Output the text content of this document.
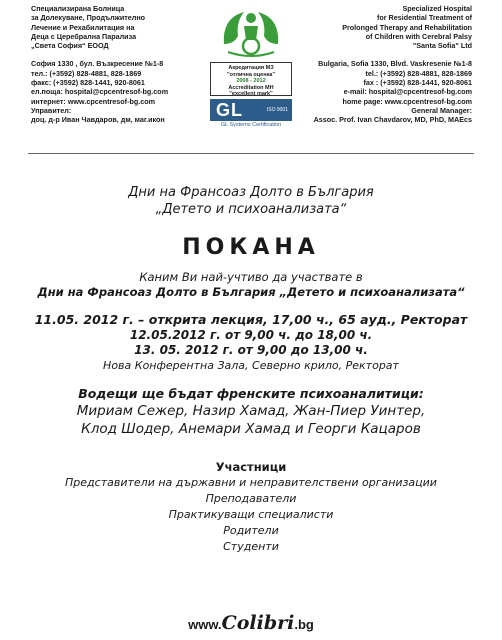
Специализирана Болница
за Долекуване, Продължително
Лечение и Рехабилитация на
Деца с Церебрална Парализа
„Света София“ ЕООД
София 1330 , бул. Възкресение №1-8
тел.: (+3592) 828-4881, 828-1869
факс: (+3592) 828-1441, 920-8061
ел.поща: hospital@cpcentresof-bg.com
интернет: www.cpcentresof-bg.com
Управител:
доц. д-р Иван Чавдаров, дм, маг.икон
Акредитация МЗ
"отлична оценка"
2008 - 2012
Accreditation MH
"excellent mark"
GL	ISO 9001
GL Systems Certification
Specialized Hospital
for Residential Treatment of
Prolonged Therapy and Rehabilitation
of Children with Cerebral Palsy
"Santa Sofia" Ltd
Bulgaria, Sofia 1330, Blvd. Vaskresenie №1-8
tel.: (+3592) 828-4881, 828-1869
fax : (+3592) 828-1441, 920-8061
e-mail: hospital@cpcentresof-bg.com
home page: www.cpcentresof-bg.com
General Manager:
Assoc. Prof. Ivan Chavdarov, MD, PhD, MAEcs
Дни на Франсоаз Долто в България
„Детето и психоанализата“
ПОКАНА
Каним Ви най-учтиво да участвате в
Дни на Франсоаз Долто в България „Детето и психоанализата“
11.05. 2012 г. – открита лекция, 17,00 ч., 65 ауд., Ректорат
12.05.2012 г. от 9,00 ч. до 18,00 ч.
13. 05. 2012 г. от 9,00 до 13,00 ч.
Нова Конферентна Зала, Северно крило, Ректорат
Водещи ще бъдат френските психоаналитици:
Мириам Сежер, Назир Хамад, Жан-Пиер Уинтер,
Клод Шодер, Анемари Хамад и Георги Кацаров
Участници
Представители на държавни и неправителствени организации
Преподаватели
Практикуващи специалисти
Родители
Студенти
www.Colibri.bg
